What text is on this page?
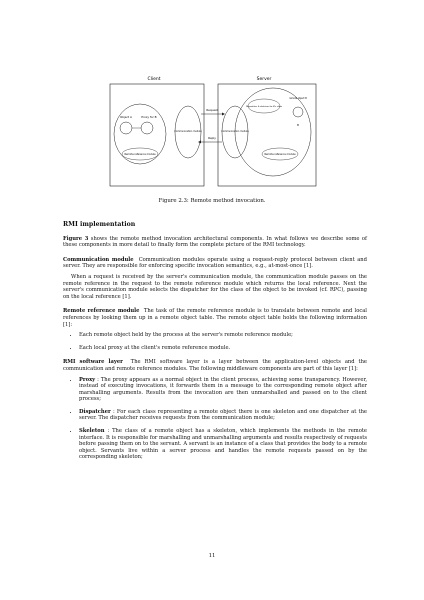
Client	Server
Object A	Proxy for B
Remote reference module
Communication module	Communication module
Request
Reply
Dispatcher & skeleton for B's class
remote object B
B
Remote reference module
Figure 2.3: Remote method invocation.
RMI implementation

Figure 3 shows the remote method invocation architectural components. In what follows we describe some of these components in more detail to finally form the complete picture of the RMI technology.

Communication module Communication modules operate using a request-reply protocol between client and server. They are responsible for enforcing specific invocation semantics, e.g., at-most-once [1].

When a request is received by the server's communication module, the communication module passes on the remote reference in the request to the remote reference module which returns the local reference. Next the server's communication module selects the dispatcher for the class of the object to be invoked (cf. RPC), passing on the local reference [1].

Remote reference module The task of the remote reference module is to translate between remote and local references by looking them up in a remote object table. The remote object table holds the following information [1]:

• Each remote object held by the process at the server's remote reference module;
• Each local proxy at the client's remote reference module.

RMI software layer The RMI software layer is a layer between the application-level objects and the communication and remote reference modules. The following middleware components are part of this layer [1]:

• Proxy : The proxy appears as a normal object in the client process, achieving some transparency. However, instead of executing invocations, it forwards them in a message to the corresponding remote object after marshalling arguments. Results from the invocation are then unmarshalled and passed on to the client process;
• Dispatcher : For each class representing a remote object there is one skeleton and one dispatcher at the server. The dispatcher receives requests from the communication module;
• Skeleton : The class of a remote object has a skeleton, which implements the methods in the remote interface. It is responsible for marshalling and unmarshalling arguments and results respectively of requests before passing them on to the servant. A servant is an instance of a class that provides the body to a remote object. Servants live within a server process and handles the remote requests passed on by the corresponding skeleton;
11
